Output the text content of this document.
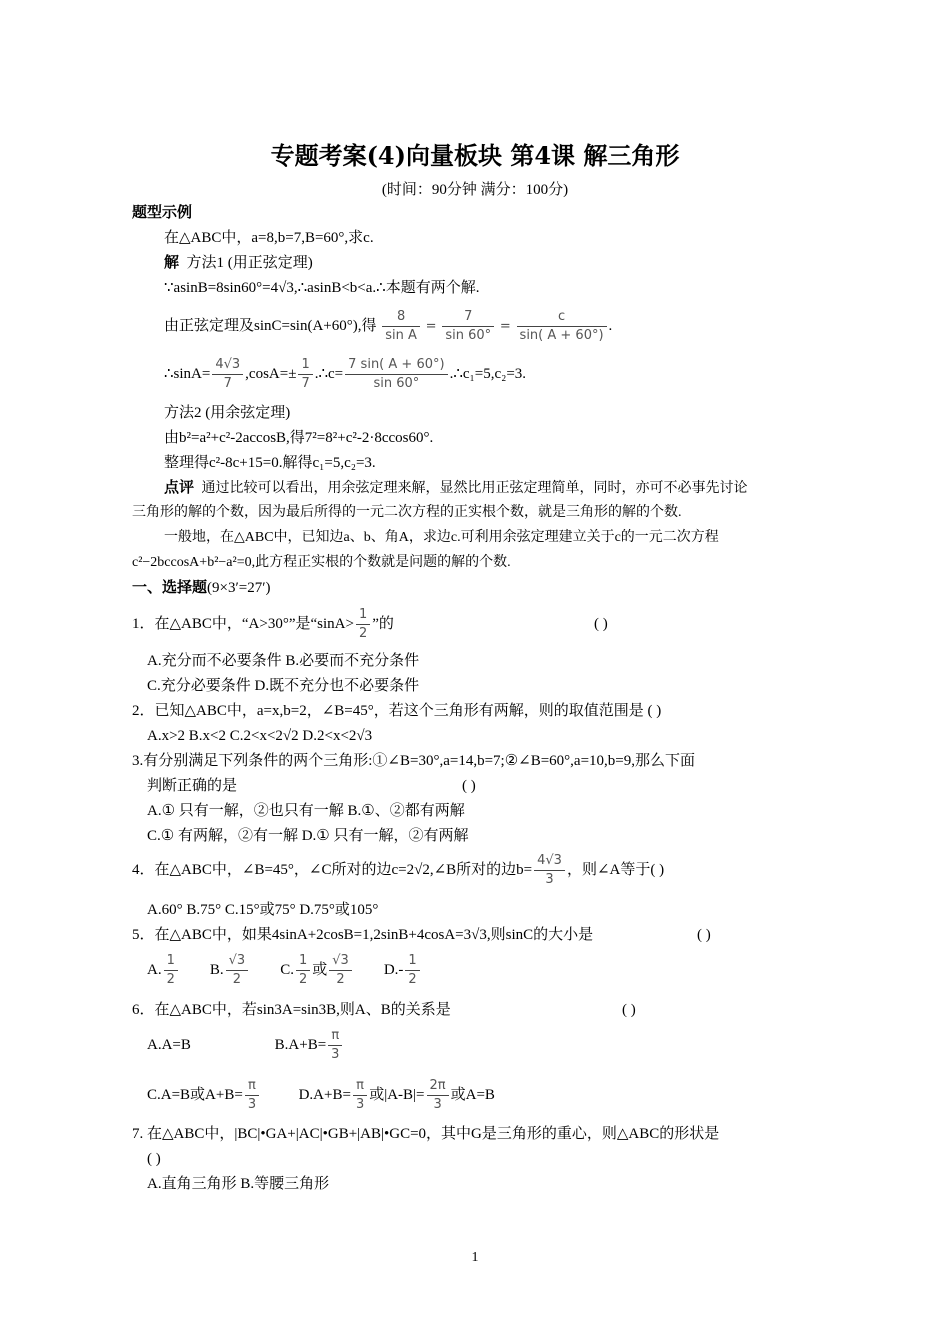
专题考案(4)向量板块 第4课 解三角形
(时间：90分钟 满分：100分)
题型示例
在△ABC中，a=8,b=7,B=60°,求c.
解 方法1 (用正弦定理)
∵asinB=8sin60°=4√3,∴asinB<b<a.∴本题有两个解.
由正弦定理及sinC=sin(A+60°),得 $\frac{8}{\text{sin A}} = \frac{7}{\sin 60^\circ} = \frac{c}{\sin( A + 60^\circ)}$ .
∴sinA= $\frac{4√3}{7} ,\cos A=\pm \frac{1}{7}$ .∴c= $\frac{7 \sin( A + 60^\circ)}{\sin 60^\circ}$ .∴c₁=5,c₂=3.
方法2 (用余弦定理)
由b²=a²+c²-2accosB,得7²=8²+c²-2·8ccos60°.
整理得c²-8c+15=0.解得c₁=5,c₂=3.
点评 通过比较可以看出，用余弦定理来解，显然比用正弦定理简单，同时，亦可不必事先讨论
三角形的解的个数，因为最后所得的一元二次方程的正实根个数，就是三角形的解的个数.
一般地，在△ABC中，已知边a、b、角A，求边c.可利用余弦定理建立关于c的一元二次方程
c²−2bccosA+b²−a²=0,此方程正实根的个数就是问题的解的个数.
一、选择题(9×3′=27′)
1．在△ABC中，“A>30°”是“$\sin A> \frac{1}{2}$ ”的	( )
A.充分而不必要条件 B.必要而不充分条件
C.充分必要条件 D.既不充分也不必要条件
2．已知△ABC中，a=x,b=2，∠B=45°，若这个三角形有两解，则的取值范围是 ( )
A.x>2 B.x<2 C.2<x<2√2 D.2<x<2√3
3.有分别满足下列条件的两个三角形:①∠B=30°,a=14,b=7;②∠B=60°,a=10,b=9,那么下面
判断正确的是	( )
A.① 只有一解，②也只有一解 B.①、②都有两解
C.① 有两解，②有一解 D.① 只有一解，②有两解
4．在△ABC中，∠B=45°，∠C所对的边c=2√2,∠B所对的边$b= \frac{4√3}{3}$ ，则∠A等于( )
A.60° B.75° C.15°或75° D.75°或105°
5．在△ABC中，如果4sinA+2cosB=1,2sinB+4cosA=3√3,则sinC的大小是	( )
A. $\frac{1}{2} B$. $\frac{√3}{2} C$. $\frac{1}{2}$ 或 $\frac{√3}{2} D.- \frac{1}{2}$
6．在△ABC中，若sin3A=sin3B,则A、B的关系是	( )
A.A=B	$B.A+B= \frac{\pi}{3}$
C.A=B或$A+B= \frac{\pi}{3}$	$D.A+B= \frac{\pi}{3}$ 或$|A-B|= \frac{2\pi}{3}$ 或A=B
7. 在△ABC中，|BC|•GA+|AC|•GB+|AB|•GC=0，其中G是三角形的重心，则△ABC的形状是
( )
A.直角三角形 B.等腰三角形
1
